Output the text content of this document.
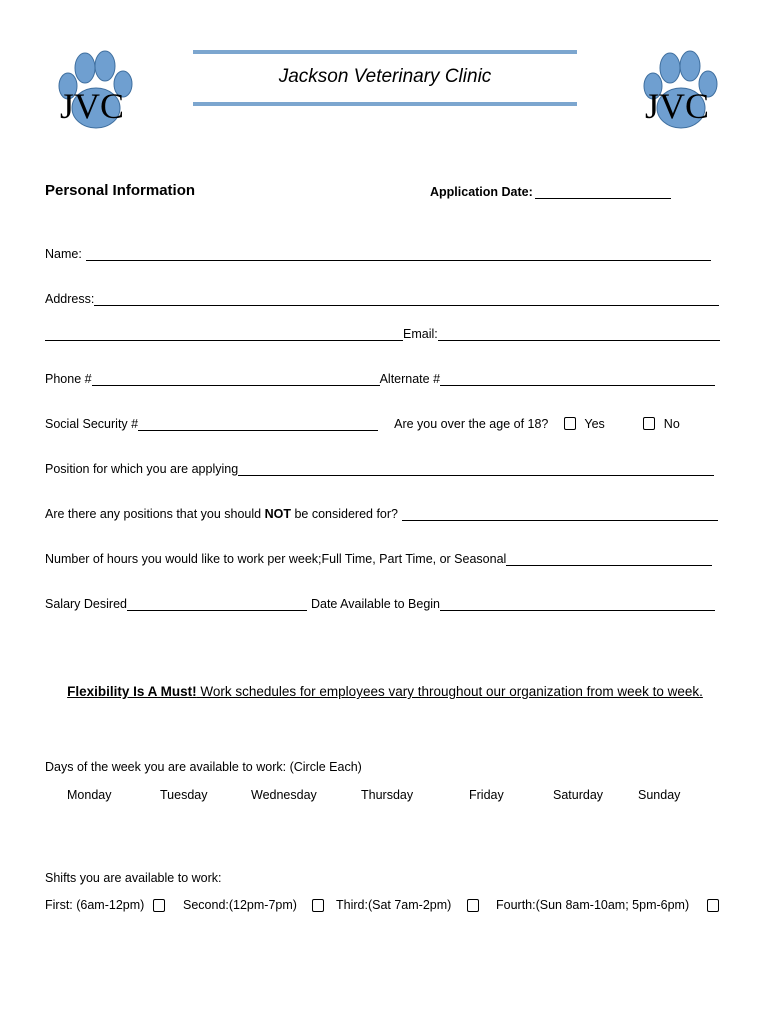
Jackson Veterinary Clinic
JVC	JVC
Personal Information	Application Date:
Name:
Address:
Email:
Phone #	Alternate #
Social Security #	Are you over the age of 18?	Yes	No
Position for which you are applying
Are there any positions that you should NOT be considered for?
Number of hours you would like to work per week;Full Time, Part Time, or Seasonal
Salary Desired	Date Available to Begin
Flexibility Is A Must! Work schedules for employees vary throughout our organization from week to week.
Days of the week you are available to work: (Circle Each)
Monday	Tuesday	Wednesday	Thursday	Friday	Saturday	Sunday
Shifts you are available to work:
First: (6am-12pm)	Second:(12pm-7pm)	Third:(Sat 7am-2pm)	Fourth:(Sun 8am-10am; 5pm-6pm)
